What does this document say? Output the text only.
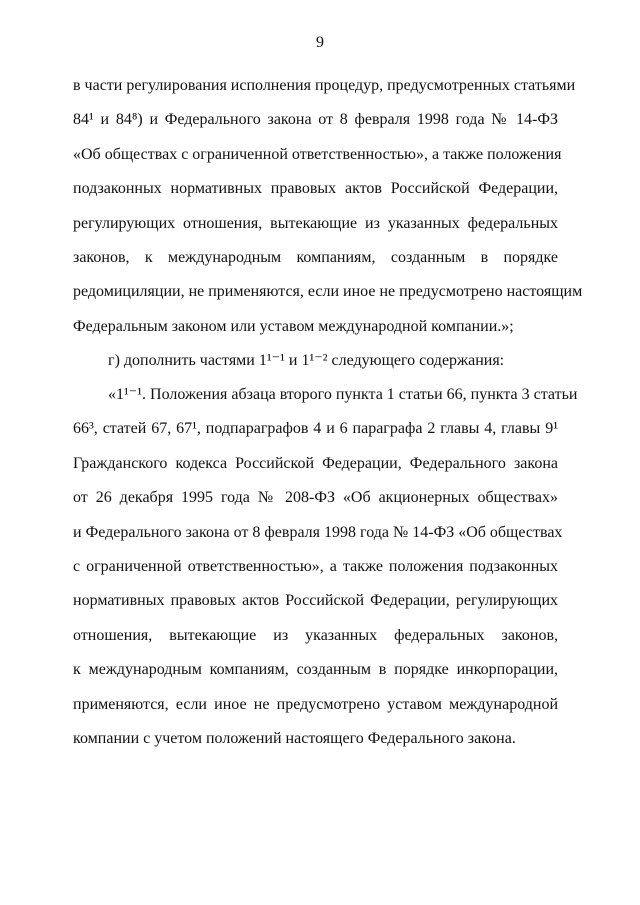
9
в части регулирования исполнения процедур, предусмотренных статьями
84¹ и 84⁸) и Федерального закона от 8 февраля 1998 года № 14-ФЗ
«Об обществах с ограниченной ответственностью», а также положения
подзаконных нормативных правовых актов Российской Федерации,
регулирующих отношения, вытекающие из указанных федеральных
законов, к международным компаниям, созданным в порядке
редомициляции, не применяются, если иное не предусмотрено настоящим
Федеральным законом или уставом международной компании.»;
г) дополнить частями 1¹⁻¹ и 1¹⁻² следующего содержания:
«1¹⁻¹. Положения абзаца второго пункта 1 статьи 66, пункта 3 статьи
66³, статей 67, 67¹, подпараграфов 4 и 6 параграфа 2 главы 4, главы 9¹
Гражданского кодекса Российской Федерации, Федерального закона
от 26 декабря 1995 года № 208-ФЗ «Об акционерных обществах»
и Федерального закона от 8 февраля 1998 года № 14-ФЗ «Об обществах
с ограниченной ответственностью», а также положения подзаконных
нормативных правовых актов Российской Федерации, регулирующих
отношения, вытекающие из указанных федеральных законов,
к международным компаниям, созданным в порядке инкорпорации,
применяются, если иное не предусмотрено уставом международной
компании с учетом положений настоящего Федерального закона.
